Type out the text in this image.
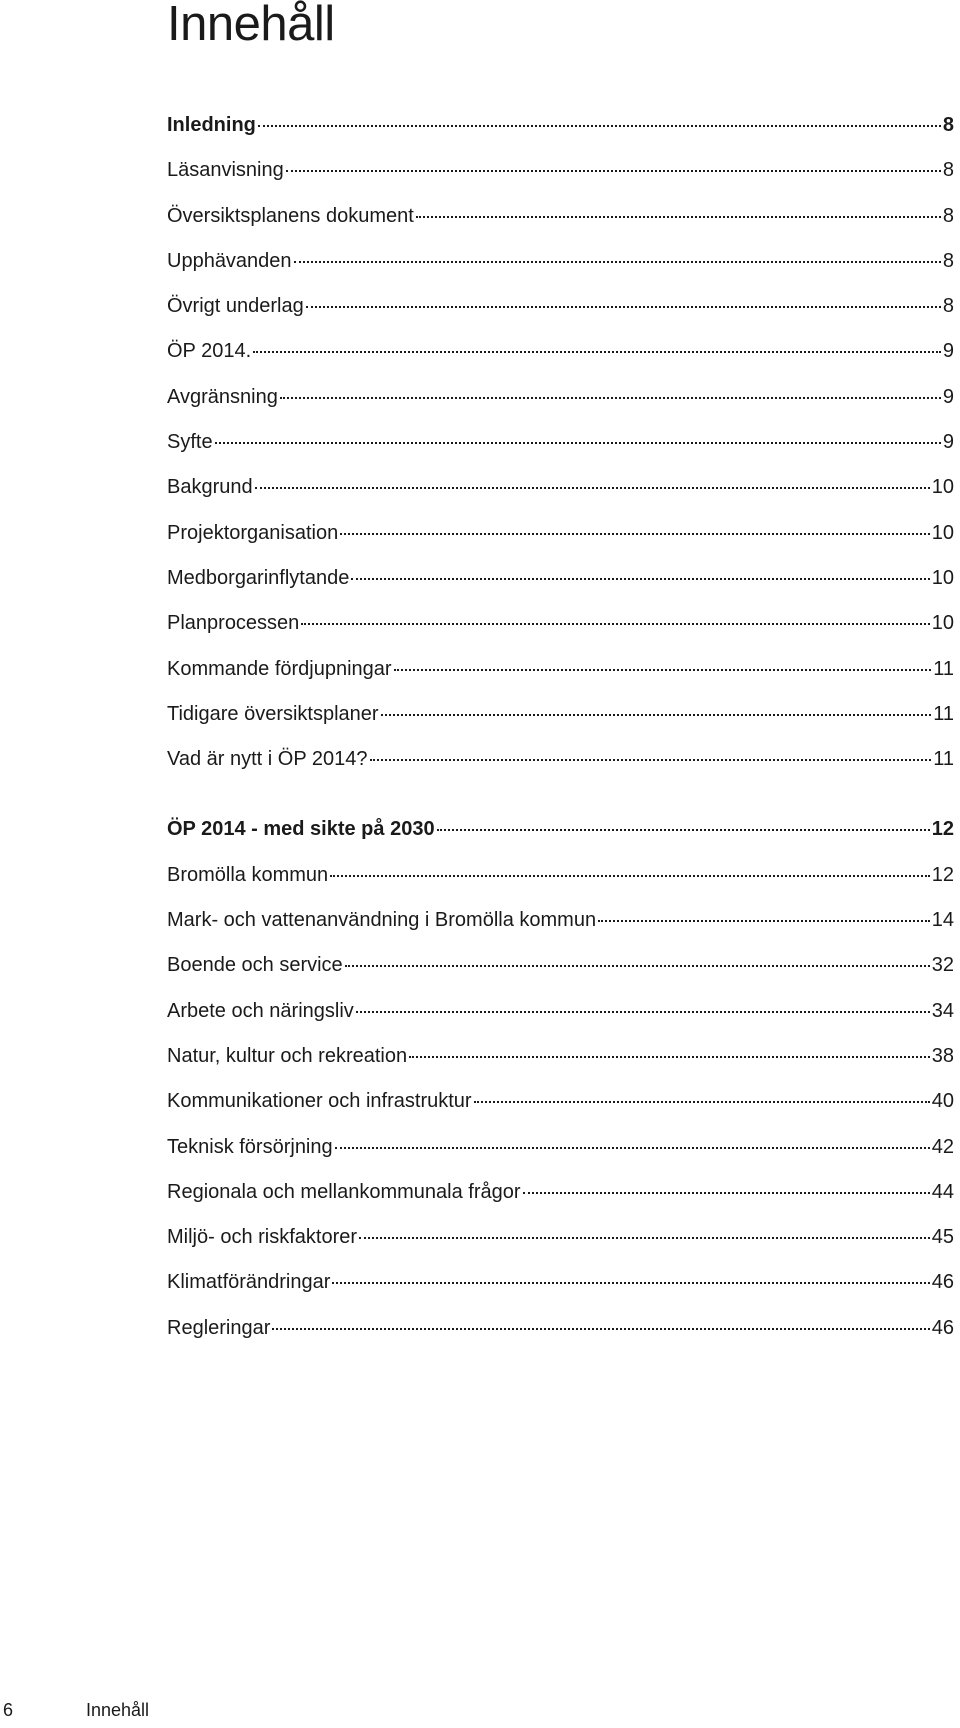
Innehåll
Inledning	8
Läsanvisning	8
Översiktsplanens dokument	8
Upphävanden	8
Övrigt underlag	8
ÖP 2014.	9
Avgränsning	9
Syfte	9
Bakgrund	10
Projektorganisation	10
Medborgarinflytande	10
Planprocessen	10
Kommande fördjupningar	11
Tidigare översiktsplaner	11
Vad är nytt i ÖP 2014?	11
ÖP 2014 - med sikte på 2030	12
Bromölla kommun	12
Mark- och vattenanvändning i Bromölla kommun	14
Boende och service	32
Arbete och näringsliv	34
Natur, kultur och rekreation	38
Kommunikationer och infrastruktur	40
Teknisk försörjning	42
Regionala och mellankommunala frågor	44
Miljö- och riskfaktorer	45
Klimatförändringar	46
Regleringar	46
6	Innehåll
